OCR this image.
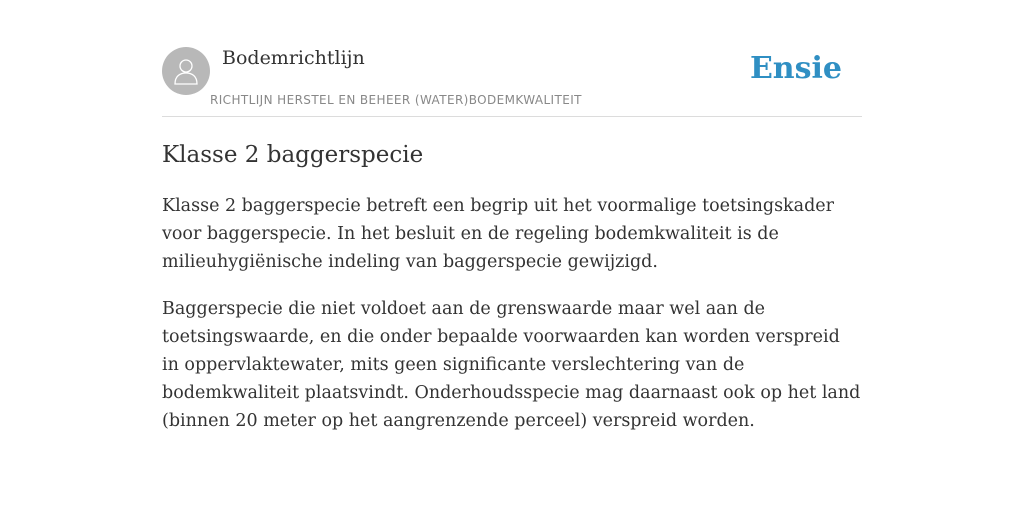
Bodemrichtlijn
RICHTLIJN HERSTEL EN BEHEER (WATER)BODEMKWALITEIT
Ensie
Klasse 2 baggerspecie

Klasse 2 baggerspecie betreft een begrip uit het voormalige toetsingskader voor baggerspecie. In het besluit en de regeling bodemkwaliteit is de milieuhygiënische indeling van baggerspecie gewijzigd.

Baggerspecie die niet voldoet aan de grenswaarde maar wel aan de toetsingswaarde, en die onder bepaalde voorwaarden kan worden verspreid in oppervlaktewater, mits geen significante verslechtering van de bodemkwaliteit plaatsvindt. Onderhoudsspecie mag daarnaast ook op het land (binnen 20 meter op het aangrenzende perceel) verspreid worden.
